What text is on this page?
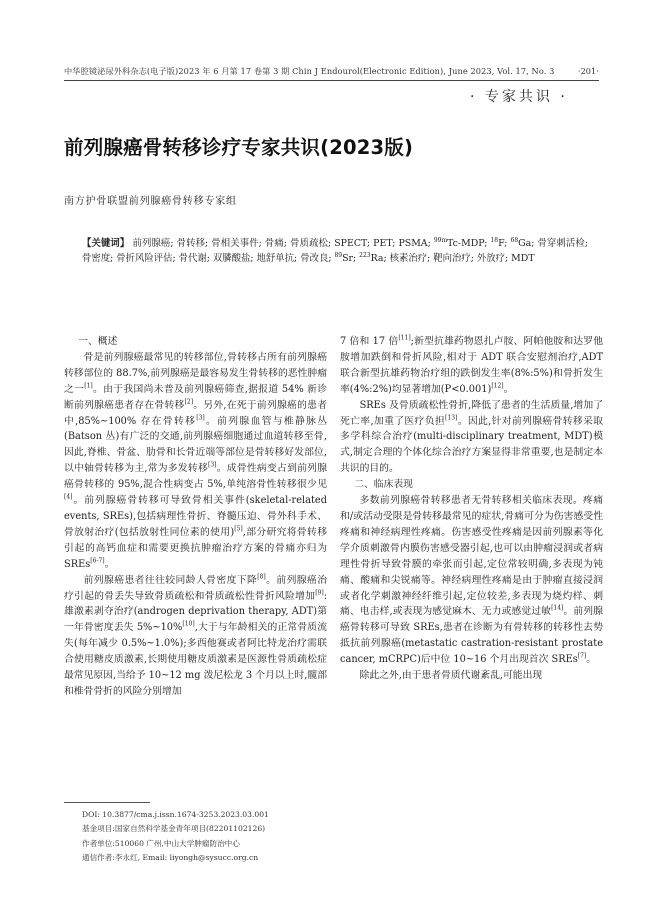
中华腔镜泌尿外科杂志(电子版)2023 年 6 月第 17 卷第 3 期 Chin J Endourol(Electronic Edition), June 2023, Vol. 17, No. 3	·201·
· 专家共识 ·
前列腺癌骨转移诊疗专家共识(2023版)
南方护骨联盟前列腺癌骨转移专家组
【关键词】 前列腺癌; 骨转移; 骨相关事件; 骨痛; 骨质疏松; SPECT; PET; PSMA; $^{99m}$Tc-MDP; $^{18}$F; $^{68}$Ga; 骨穿刺活检; 骨密度; 骨折风险评估; 骨代谢; 双膦酸盐; 地舒单抗; 骨改良; $^{89}$Sr; $^{223}$Ra; 核素治疗; 靶向治疗; 外放疗; MDT

一、概述

骨是前列腺癌最常见的转移部位,骨转移占所有前列腺癌转移部位的 88.7%,前列腺癌是最容易发生骨转移的恶性肿瘤之一[1]。由于我国尚未普及前列腺癌筛查,据报道 54% 新诊断前列腺癌患者存在骨转移[2]。另外,在死于前列腺癌的患者中,85%~100% 存在骨转移[3]。前列腺血管与椎静脉丛(Batson 丛)有广泛的交通,前列腺癌细胞通过血道转移至骨,因此,脊椎、骨盆、肋骨和长骨近端等部位是骨转移好发部位,以中轴骨转移为主,常为多发转移[3]。成骨性病变占到前列腺癌骨转移的 95%,混合性病变占 5%,单纯溶骨性转移很少见[4]。前列腺癌骨转移可导致骨相关事件(skeletal-related events, SREs),包括病理性骨折、脊髓压迫、骨外科手术、骨放射治疗(包括放射性同位素的使用)[5],部分研究将骨转移引起的高钙血症和需要更换抗肿瘤治疗方案的骨痛亦归为 SREs[6-7]。

前列腺癌患者往往较同龄人骨密度下降[8]。前列腺癌治疗引起的骨丢失导致骨质疏松和骨质疏松性骨折风险增加[9]:雄激素剥夺治疗(androgen deprivation therapy, ADT)第一年骨密度丢失 5%~10%[10],大于与年龄相关的正常骨质流失(每年减少 0.5%~1.0%);多西他赛或者阿比特龙治疗需联合使用糖皮质激素,长期使用糖皮质激素是医源性骨质疏松症最常见原因,当给予 10~12 mg 泼尼松龙 3 个月以上时,髋部和椎骨骨折的风险分别增加

7 倍和 17 倍[11];新型抗雄药物恩扎卢胺、阿帕他胺和达罗他胺增加跌倒和骨折风险,相对于 ADT 联合安慰剂治疗,ADT 联合新型抗雄药物治疗组的跌倒发生率(8%:5%)和骨折发生率(4%:2%)均显著增加(P<0.001)[12]。

SREs 及骨质疏松性骨折,降低了患者的生活质量,增加了死亡率,加重了医疗负担[13]。因此,针对前列腺癌骨转移采取多学科综合治疗(multi-disciplinary treatment, MDT)模式,制定合理的个体化综合治疗方案显得非常重要,也是制定本共识的目的。

二、临床表现

多数前列腺癌骨转移患者无骨转移相关临床表现。疼痛和/或活动受限是骨转移最常见的症状,骨痛可分为伤害感受性疼痛和神经病理性疼痛。伤害感受性疼痛是因前列腺素等化学介质刺激骨内膜伤害感受器引起,也可以由肿瘤浸润或者病理性骨折导致骨膜的牵张而引起,定位常较明确,多表现为钝痛、酸痛和尖锐痛等。神经病理性疼痛是由于肿瘤直接浸润或者化学刺激神经纤维引起,定位较差,多表现为烧灼样、刺痛、电击样,或表现为感觉麻木、无力或感觉过敏[14]。前列腺癌骨转移可导致 SREs,患者在诊断为有骨转移的转移性去势抵抗前列腺癌(metastatic castration-resistant prostate cancer, mCRPC)后中位 10~16 个月出现首次 SREs[7]。

除此之外,由于患者骨质代谢紊乱,可能出现

DOI: 10.3877/cma.j.issn.1674-3253.2023.03.001
基金项目:国家自然科学基金青年项目(82201102126)
作者单位:510060 广州,中山大学肿瘤防治中心
通信作者:李永红, Email: liyongh@sysucc.org.cn
